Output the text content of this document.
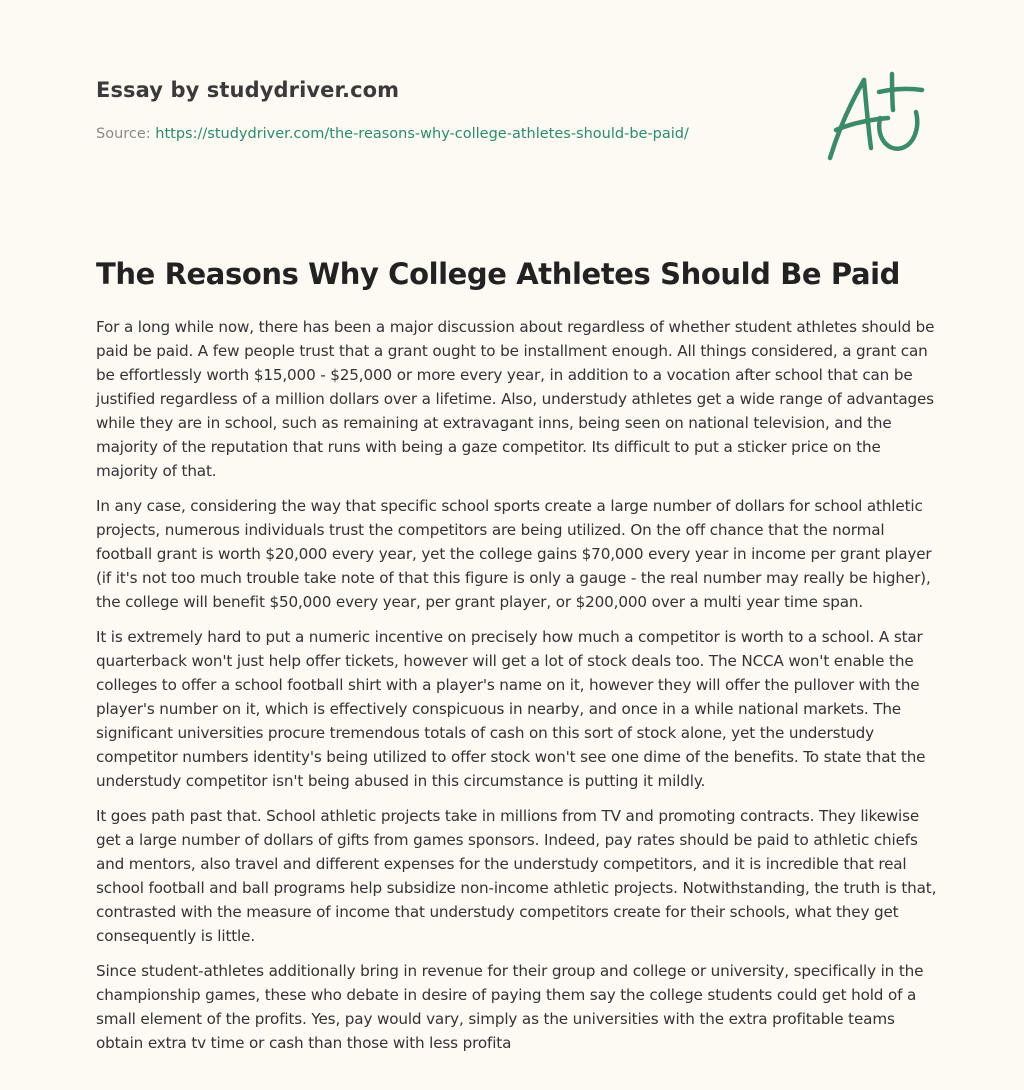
Essay by studydriver.com
Source: https://studydriver.com/the-reasons-why-college-athletes-should-be-paid/
The Reasons Why College Athletes Should Be Paid

For a long while now, there has been a major discussion about regardless of whether student athletes should be paid be paid. A few people trust that a grant ought to be installment enough. All things considered, a grant can be effortlessly worth $15,000 - $25,000 or more every year, in addition to a vocation after school that can be justified regardless of a million dollars over a lifetime. Also, understudy athletes get a wide range of advantages while they are in school, such as remaining at extravagant inns, being seen on national television, and the majority of the reputation that runs with being a gaze competitor. Its difficult to put a sticker price on the majority of that.

In any case, considering the way that specific school sports create a large number of dollars for school athletic projects, numerous individuals trust the competitors are being utilized. On the off chance that the normal football grant is worth $20,000 every year, yet the college gains $70,000 every year in income per grant player (if it's not too much trouble take note of that this figure is only a gauge - the real number may really be higher), the college will benefit $50,000 every year, per grant player, or $200,000 over a multi year time span.

It is extremely hard to put a numeric incentive on precisely how much a competitor is worth to a school. A star quarterback won't just help offer tickets, however will get a lot of stock deals too. The NCCA won't enable the colleges to offer a school football shirt with a player's name on it, however they will offer the pullover with the player's number on it, which is effectively conspicuous in nearby, and once in a while national markets. The significant universities procure tremendous totals of cash on this sort of stock alone, yet the understudy competitor numbers identity's being utilized to offer stock won't see one dime of the benefits. To state that the understudy competitor isn't being abused in this circumstance is putting it mildly.

It goes path past that. School athletic projects take in millions from TV and promoting contracts. They likewise get a large number of dollars of gifts from games sponsors. Indeed, pay rates should be paid to athletic chiefs and mentors, also travel and different expenses for the understudy competitors, and it is incredible that real school football and ball programs help subsidize non-income athletic projects. Notwithstanding, the truth is that, contrasted with the measure of income that understudy competitors create for their schools, what they get consequently is little.

Since student-athletes additionally bring in revenue for their group and college or university, specifically in the championship games, these who debate in desire of paying them say the college students could get hold of a small element of the profits. Yes, pay would vary, simply as the universities with the extra profitable teams obtain extra tv time or cash than those with less profita
